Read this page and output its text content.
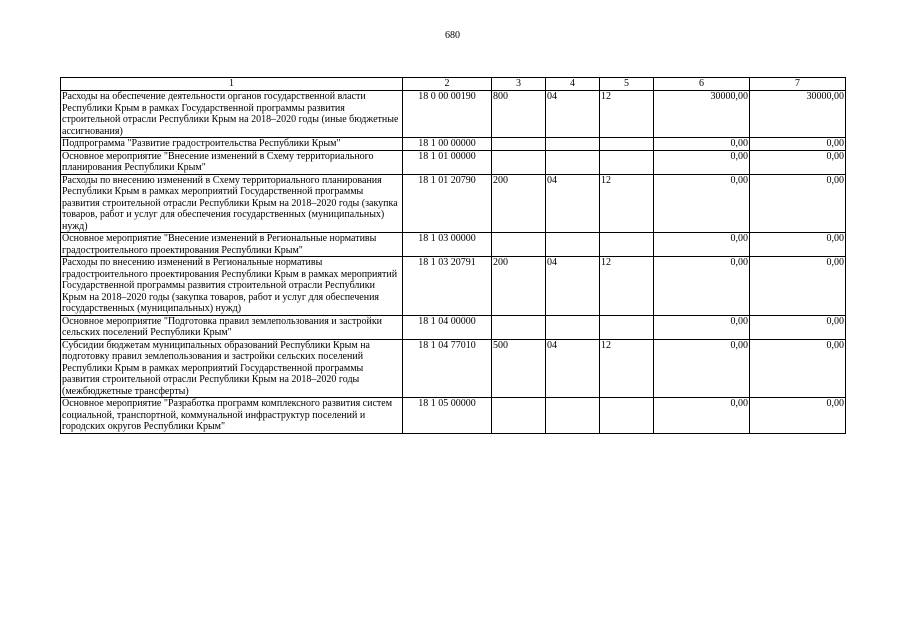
680
1	2	3	4	5	6	7
Расходы на обеспечение деятельности органов государственной власти Республики Крым в рамках Государственной программы развития строительной отрасли Республики Крым на 2018–2020 годы (иные бюджетные ассигнования)	18 0 00 00190	800	04	12	30000,00	30000,00
Подпрограмма "Развитие градостроительства Республики Крым"	18 1 00 00000				0,00	0,00
Основное мероприятие "Внесение изменений в Схему территориального планирования Республики Крым"	18 1 01 00000				0,00	0,00
Расходы по внесению изменений в Схему территориального планирования Республики Крым в рамках мероприятий Государственной программы развития строительной отрасли Республики Крым на 2018–2020 годы (закупка товаров, работ и услуг для обеспечения государственных (муниципальных) нужд)	18 1 01 20790	200	04	12	0,00	0,00
Основное мероприятие "Внесение изменений в Региональные нормативы градостроительного проектирования Республики Крым"	18 1 03 00000				0,00	0,00
Расходы по внесению изменений в Региональные нормативы градостроительного проектирования Республики Крым в рамках мероприятий Государственной программы развития строительной отрасли Республики Крым на 2018–2020 годы (закупка товаров, работ и услуг для обеспечения государственных (муниципальных) нужд)	18 1 03 20791	200	04	12	0,00	0,00
Основное мероприятие "Подготовка правил землепользования и застройки сельских поселений Республики Крым"	18 1 04 00000				0,00	0,00
Субсидии бюджетам муниципальных образований Республики Крым на подготовку правил землепользования и застройки сельских поселений Республики Крым в рамках мероприятий Государственной программы развития строительной отрасли Республики Крым на 2018–2020 годы (межбюджетные трансферты)	18 1 04 77010	500	04	12	0,00	0,00
Основное мероприятие "Разработка программ комплексного развития систем социальной, транспортной, коммунальной инфраструктур поселений и городских округов Республики Крым"	18 1 05 00000				0,00	0,00
